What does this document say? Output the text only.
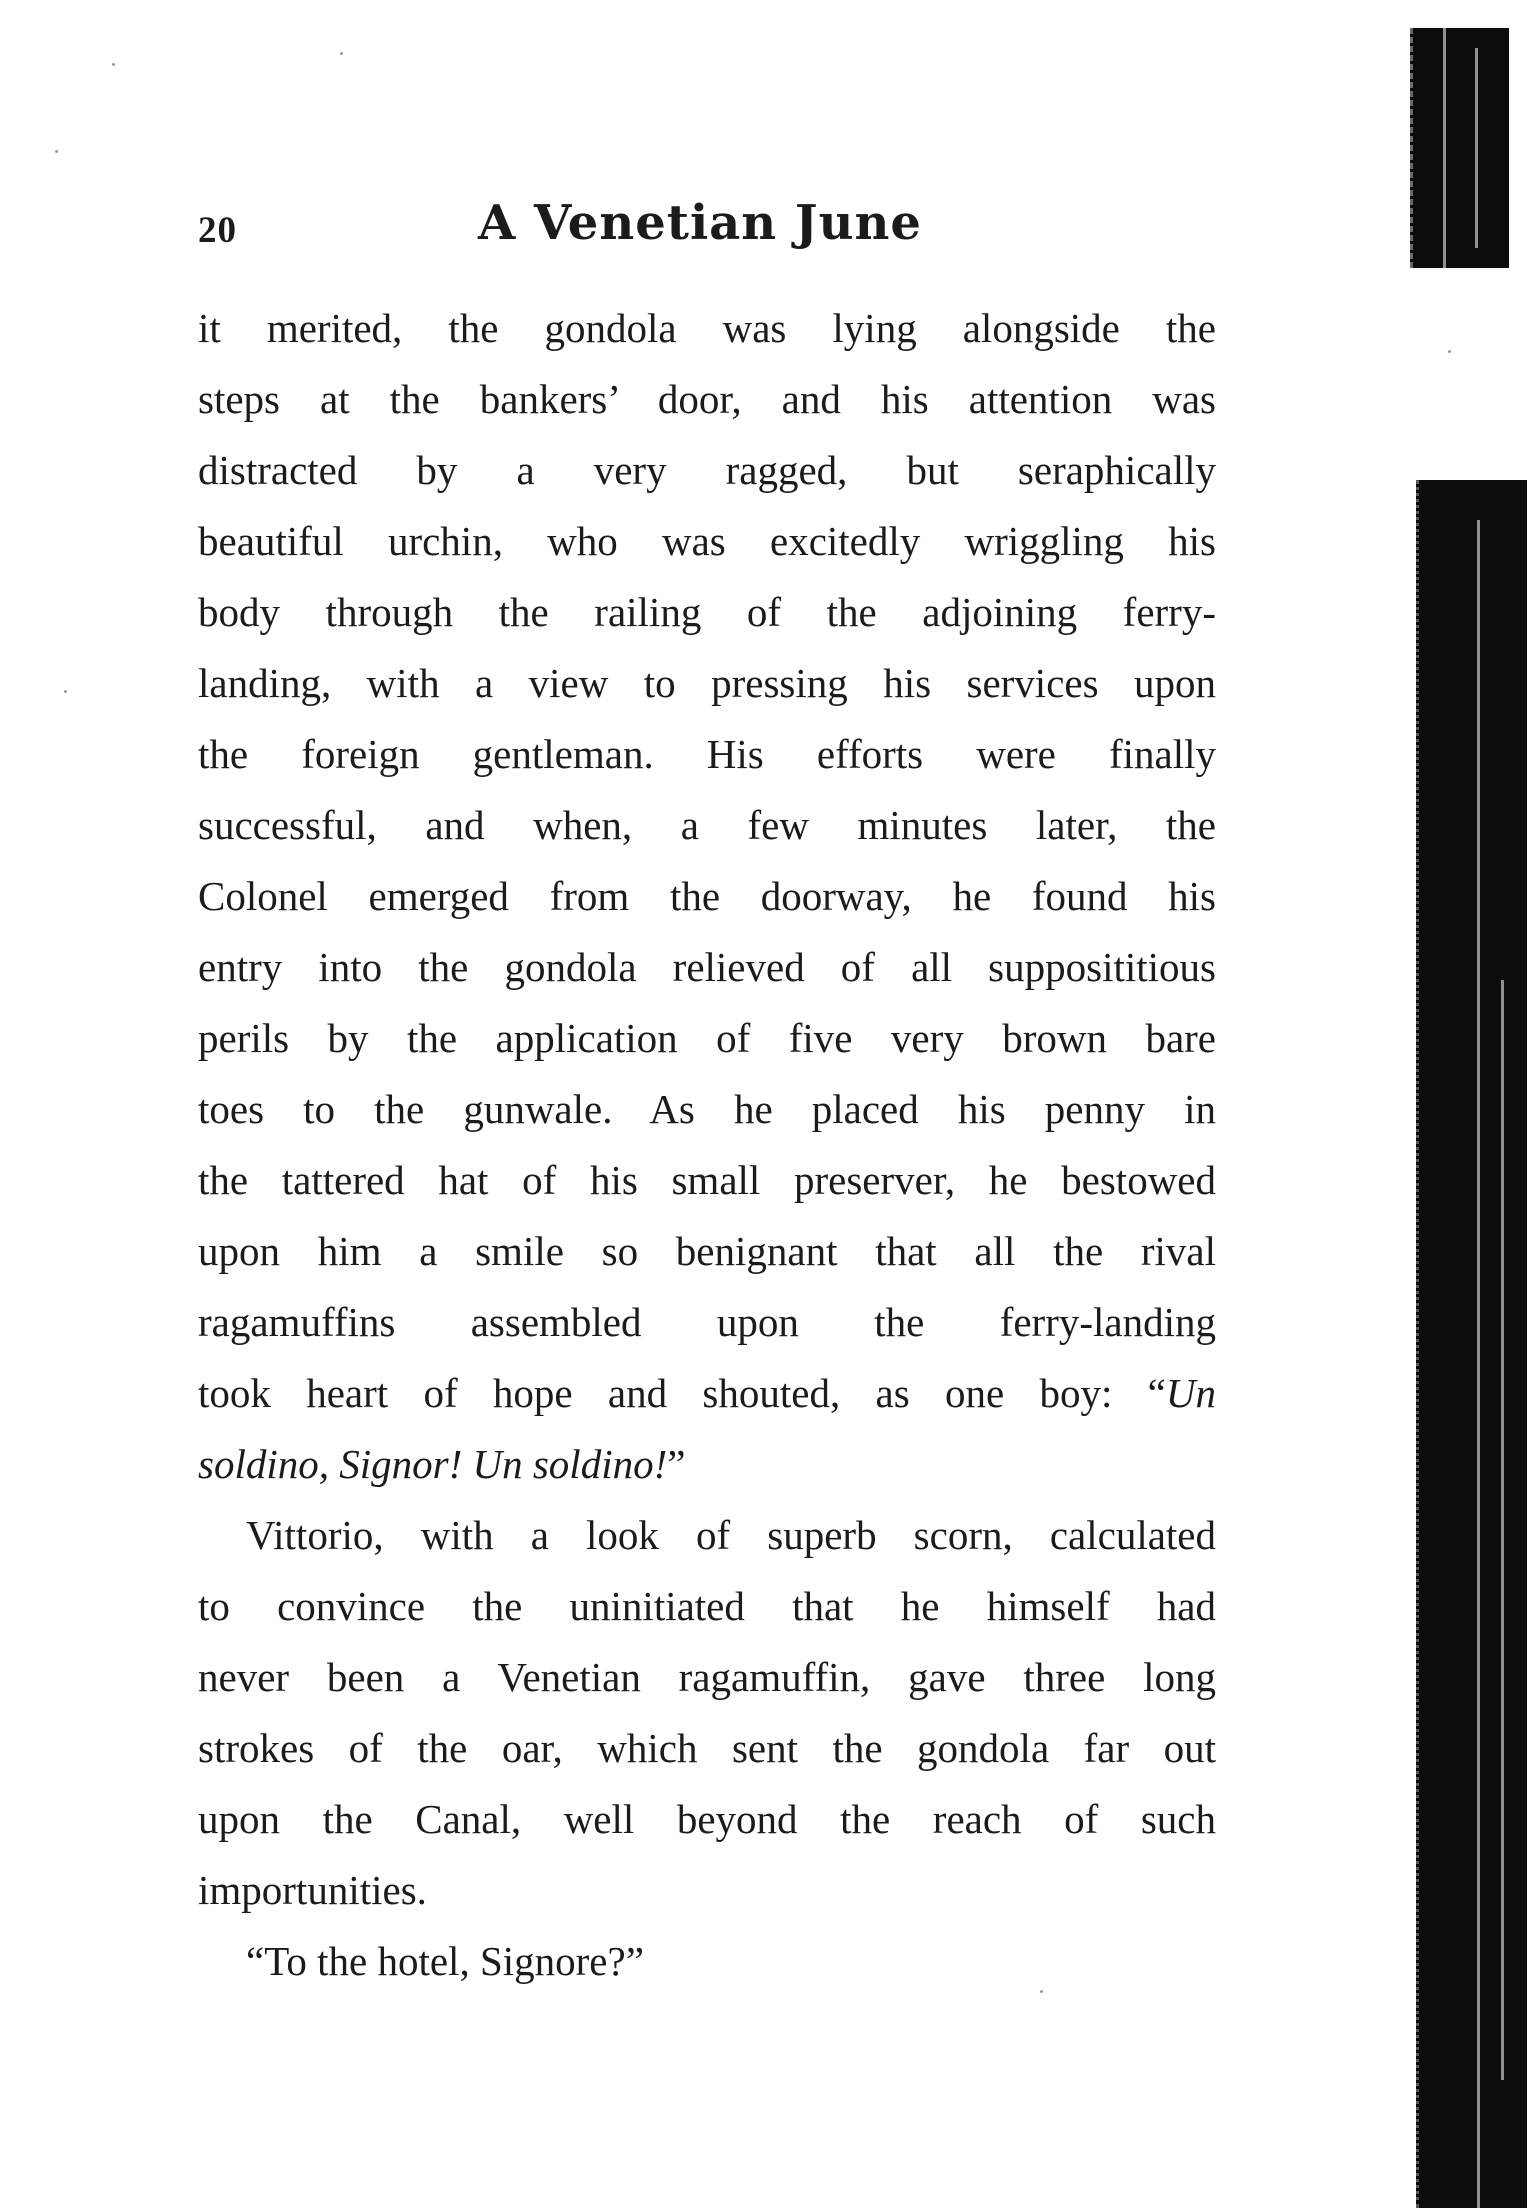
20	A Venetian June
it merited, the gondola was lying alongside the
steps at the bankers’ door, and his attention was
distracted by a very ragged, but seraphically
beautiful urchin, who was excitedly wriggling his
body through the railing of the adjoining ferry-
landing, with a view to pressing his services upon
the foreign gentleman. His efforts were finally
successful, and when, a few minutes later, the
Colonel emerged from the doorway, he found his
entry into the gondola relieved of all supposititious
perils by the application of five very brown bare
toes to the gunwale. As he placed his penny in
the tattered hat of his small preserver, he bestowed
upon him a smile so benignant that all the rival
ragamuffins assembled upon the ferry-landing
took heart of hope and shouted, as one boy: “Un
soldino, Signor! Un soldino!”
Vittorio, with a look of superb scorn, calculated
to convince the uninitiated that he himself had
never been a Venetian ragamuffin, gave three long
strokes of the oar, which sent the gondola far out
upon the Canal, well beyond the reach of such
importunities.
“To the hotel, Signore?”
